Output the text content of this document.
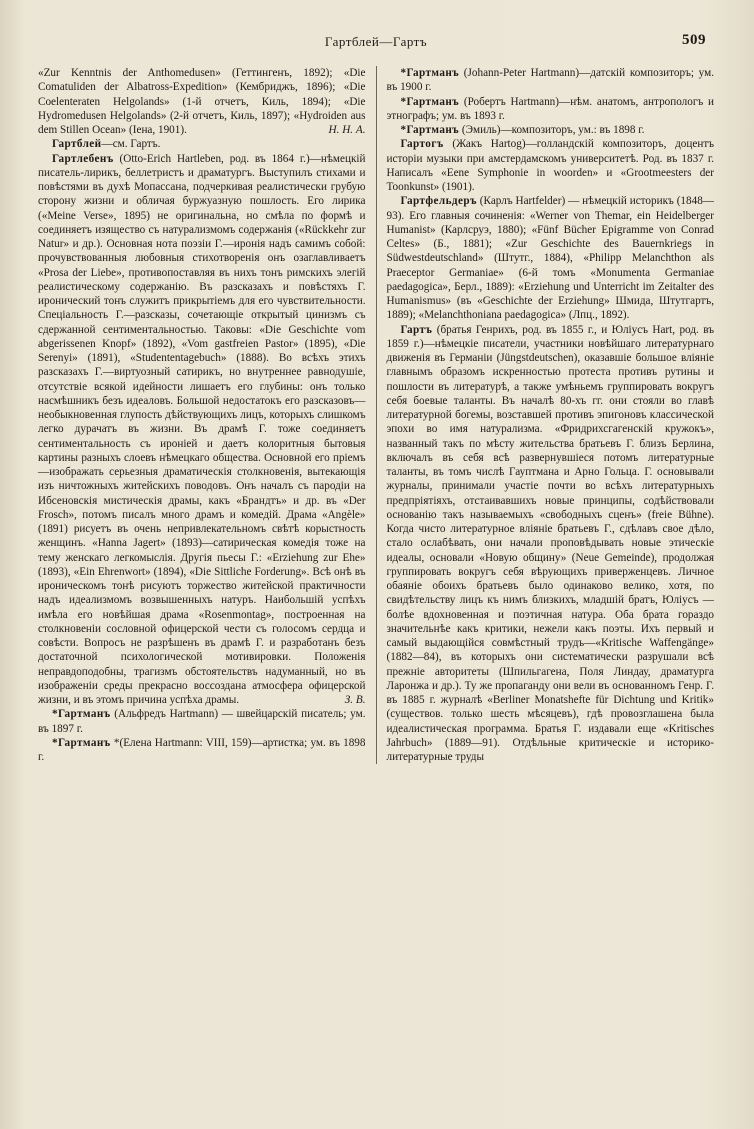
Гартблей—Гартъ	509

«Zur Kenntnis der Anthomedusen» (Геттингенъ, 1892); «Die Comatuliden der Albatross-Expedition» (Кембриджъ, 1896); «Die Coelenteraten Helgolands» (1-й отчетъ, Киль, 1894); «Die Hydromedusen Helgolands» (2-й отчетъ, Киль, 1897); «Hydroiden aus dem Stillen Ocean» (Іена, 1901).	Н. Н. А.

Гартблей—см. Гартъ.

Гартлебенъ (Otto-Erich Hartleben, род. въ 1864 г.)—нѣмецкій писатель-лирикъ, беллетристъ и драматургъ. Выступилъ стихами и повѣстями въ духѣ Мопассана, подчеркивая реалистически грубую сторону жизни и обличая буржуазную пошлость. Его лирика («Meine Verse», 1895) не оригинальна, но смѣла по формѣ и соединяетъ изящество съ натурализмомъ содержанія («Rückkehr zur Natur» и др.). Основная нота поэзіи Г.—иронія надъ самимъ собой: прочувствованныя любовныя стихотворенія онъ озаглавливаетъ «Prosa der Liebe», противопоставляя въ нихъ тонъ римскихъ элегій реалистическому содержанію. Въ разсказахъ и повѣстяхъ Г. иронический тонъ служитъ прикрытіемъ для его чувствительности. Спеціальность Г.—разсказы, сочетающіе открытый цинизмъ съ сдержанной сентиментальностью. Таковы: «Die Geschichte vom abgerissenen Knopf» (1892), «Vom gastfreien Pastor» (1895), «Die Serenyi» (1891), «Studententagebuch» (1888). Во всѣхъ этихъ разсказахъ Г.—виртуозный сатирикъ, но внутреннее равнодушіе, отсутствіе всякой идейности лишаетъ его глубины: онъ только насмѣшникъ безъ идеаловъ. Большой недостатокъ его разсказовъ—необыкновенная глупость дѣйствующихъ лицъ, которыхъ слишкомъ легко дурачатъ въ жизни. Въ драмѣ Г. тоже соединяетъ сентиментальность съ ироніей и даетъ колоритныя бытовыя картины разныхъ слоевъ нѣмецкаго общества. Основной его пріемъ—изображать серьезныя драматическія столкновенія, вытекающія изъ ничтожныхъ житейскихъ поводовъ. Онъ началъ съ пародіи на Ибсеновскія мистическія драмы, какъ «Брандтъ» и др. въ «Der Frosch», потомъ писалъ много драмъ и комедій. Драма «Angèle» (1891) рисуетъ въ очень непривлекательномъ свѣтѣ корыстность женщинъ. «Hanna Jagert» (1893)—сатирическая комедія тоже на тему женскаго легкомыслія. Другія пьесы Г.: «Erziehung zur Ehe» (1893), «Ein Ehrenwort» (1894), «Die Sittliche Forderung». Всѣ онѣ въ ироническомъ тонѣ рисуютъ торжество житейской практичности надъ идеализмомъ возвышенныхъ натуръ. Наибольшій успѣхъ имѣла его новѣйшая драма «Rosenmontag», построенная на столкновеніи сословной офицерской чести съ голосомъ сердца и совѣсти. Вопросъ не разрѣшенъ въ драмѣ Г. и разработанъ безъ достаточной психологической мотивировки. Положенія неправдоподобны, трагизмъ обстоятельствъ надуманный, но въ изображеніи среды прекрасно воссоздана атмосфера офицерской жизни, и въ этомъ причина успѣха драмы.	З. В.

*Гартманъ (Альфредъ Hartmann) — швейцарскій писатель; ум. въ 1897 г.

*Гартманъ *(Елена Hartmann: VIII, 159)—артистка; ум. въ 1898 г.

*Гартманъ (Johann-Peter Hartmann)—датскій композиторъ; ум. въ 1900 г.

*Гартманъ (Робертъ Hartmann)—нѣм. анатомъ, антропологъ и этнографъ; ум. въ 1893 г.

*Гартманъ (Эмиль)—композиторъ, ум.: въ 1898 г.

Гартогъ (Жакъ Hartog)—голландскій композиторъ, доцентъ исторіи музыки при амстердамскомъ университетѣ. Род. въ 1837 г. Написалъ «Eene Symphonie in woorden» и «Grootmeesters der Toonkunst» (1901).

Гартфельдеръ (Карлъ Hartfelder) — нѣмецкій историкъ (1848—93). Его главныя сочиненія: «Werner von Themar, ein Heidelberger Humanist» (Карлсруэ, 1880); «Fünf Bücher Epigramme von Conrad Celtes» (Б., 1881); «Zur Geschichte des Bauernkriegs in Südwestdeutschland» (Штутг., 1884), «Philipp Melanchthon als Praeceptor Germaniae» (6-й томъ «Monumenta Germaniae paedagogica», Берл., 1889): «Erziehung und Unterricht im Zeitalter des Humanismus» (въ «Geschichte der Erziehung» Шмида, Штутгартъ, 1889); «Melanchthoniana paedagogica» (Лпц., 1892).

Гартъ (братья Генрихъ, род. въ 1855 г., и Юліусъ Hart, род. въ 1859 г.)—нѣмецкіе писатели, участники новѣйшаго литературнаго движенія въ Германіи (Jüngstdeutschen), оказавшіе большое вліяніе главнымъ образомъ искренностью протеста противъ рутины и пошлости въ литературѣ, а также умѣньемъ группировать вокругъ себя боевые таланты. Въ началѣ 80-хъ гг. они стояли во главѣ литературной богемы, возставшей противъ эпигоновъ классической эпохи во имя натурализма. «Фридрихсгагенскій кружокъ», названный такъ по мѣсту жительства братьевъ Г. близъ Берлина, включалъ въ себя всѣ развернувшіеся потомъ литературные таланты, въ томъ числѣ Гауптмана и Арно Гольца. Г. основывали журналы, принимали участіе почти во всѣхъ литературныхъ предпріятіяхъ, отстаивавшихъ новые принципы, содѣйствовали основанію такъ называемыхъ «свободныхъ сценъ» (freie Bühne). Когда чисто литературное вліяніе братьевъ Г., сдѣлавъ свое дѣло, стало ослабѣвать, они начали проповѣдывать новые этическіе идеалы, основали «Новую общину» (Neue Gemeinde), продолжая группировать вокругъ себя вѣрующихъ приверженцевъ. Личное обаяніе обоихъ братьевъ было одинаково велико, хотя, по свидѣтельству лицъ къ нимъ близкихъ, младшій братъ, Юліусъ —болѣе вдохновенная и поэтичная натура. Оба брата гораздо значительнѣе какъ критики, нежели какъ поэты. Ихъ первый и самый выдающійся совмѣстный трудъ—«Kritische Waffengänge» (1882—84), въ которыхъ они систематически разрушали всѣ прежніе авторитеты (Шпильгагена, Поля Линдау, драматурга Ларонжа и др.). Ту же пропаганду они вели въ основанномъ Генр. Г. въ 1885 г. журналѣ «Berliner Monatshefte für Dichtung und Kritik» (существов. только шесть мѣсяцевъ), гдѣ провозглашена была идеалистическая программа. Братья Г. издавали еще «Kritisches Jahrbuch» (1889—91). Отдѣльные критическіе и историко-литературные труды
